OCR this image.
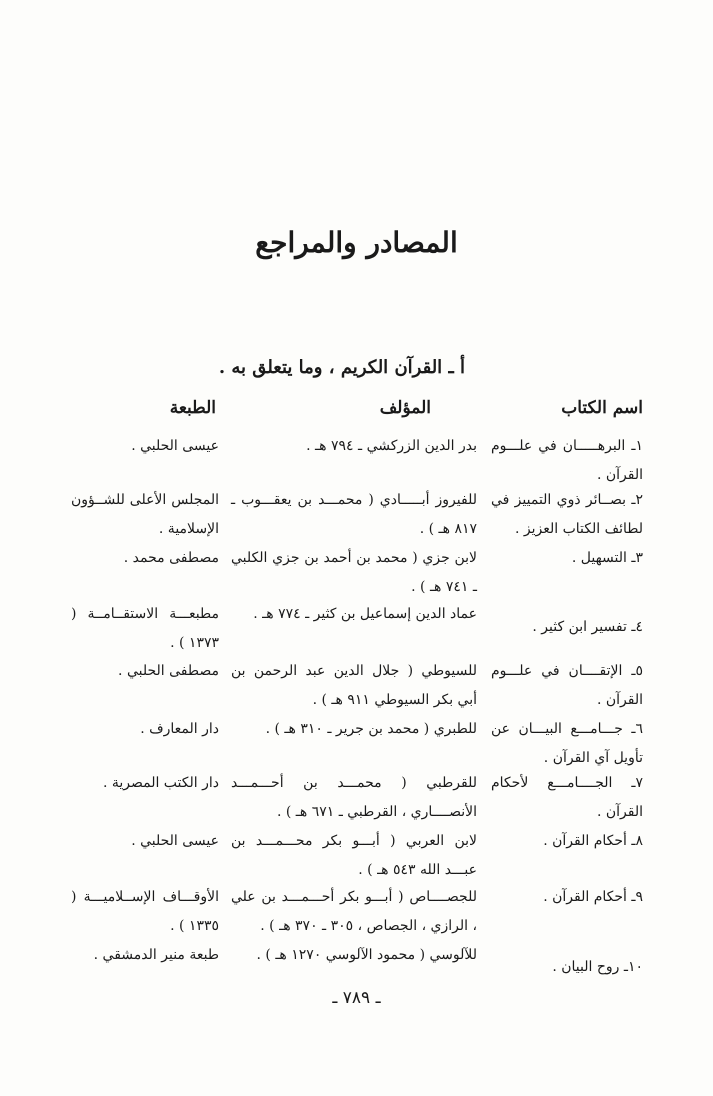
المصادر والمراجع
أ ـ القرآن الكريم ، وما يتعلق به .
اسم الكتاب
المؤلف
الطبعة
١ـ البرهـــــان في علـــوم القرآن .
بدر الدين الزركشي ـ ٧٩٤ هـ .
عيسى الحلبي .
٢ـ بصــائر ذوي التمييز في لطائف الكتاب العزيز .
للفيروز أبـــــادي ( محمـــد بن يعقـــوب ـ ٨١٧ هـ ) .
المجلس الأعلى للشــؤون الإسلامية .
٣ـ التسهيل .
لابن جزي ( محمد بن أحمد بن جزي الكلبي ـ ٧٤١ هـ ) .
مصطفى محمد .
٤ـ تفسير ابن كثير .
عماد الدين إسماعيل بن كثير ـ ٧٧٤ هـ .
مطبعـــة الاستقــامــة ( ١٣٧٣ ) .
٥ـ الإتقــــان في علـــوم القرآن .
للسيوطي ( جلال الدين عبد الرحمن بن أبي بكر السيوطي ٩١١ هـ ) .
مصطفى الحلبي .
٦ـ جـــامـــع البيـــان عن تأويل آي القرآن .
للطبري ( محمد بن جرير ـ ٣١٠ هـ ) .
دار المعارف .
٧ـ الجــــامـــع لأحكام القرآن .
للقرطبي ( محمـــد بن أحـــمـــد الأنصــــاري ، القرطبي ـ ٦٧١ هـ ) .
دار الكتب المصرية .
٨ـ أحكام القرآن .
لابن العربي ( أبـــو بكر محـــمـــد بن عبـــد الله ٥٤٣ هـ ) .
عيسى الحلبي .
٩ـ أحكام القرآن .
للجصــــاص ( أبـــو بكر أحـــمـــد بن علي ، الرازي ، الجصاص ، ٣٠٥ ـ ٣٧٠ هـ ) .
الأوقـــاف الإســلاميـــة ( ١٣٣٥ ) .
١٠ـ روح البيان .
للآلوسي ( محمود الآلوسي ١٢٧٠ هـ ) .
طبعة منير الدمشقي .
ـ ٧٨٩ ـ
